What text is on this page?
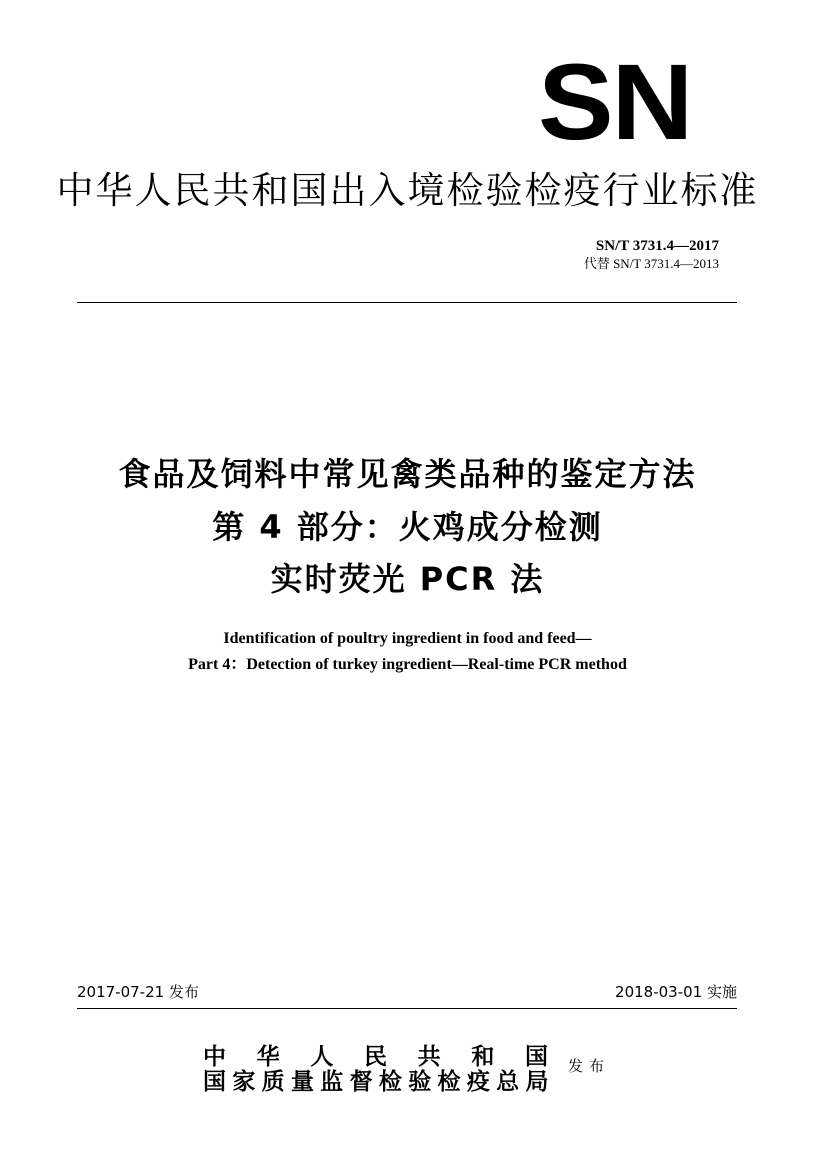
SN
中华人民共和国出入境检验检疫行业标准
SN/T 3731.4—2017
代替 SN/T 3731.4—2013
食品及饲料中常见禽类品种的鉴定方法
第 4 部分：火鸡成分检测
实时荧光 PCR 法
Identification of poultry ingredient in food and feed—
Part 4：Detection of turkey ingredient—Real-time PCR method
2017-07-21 发布	2018-03-01 实施
中华人民共和国
国家质量监督检验检疫总局
发布
